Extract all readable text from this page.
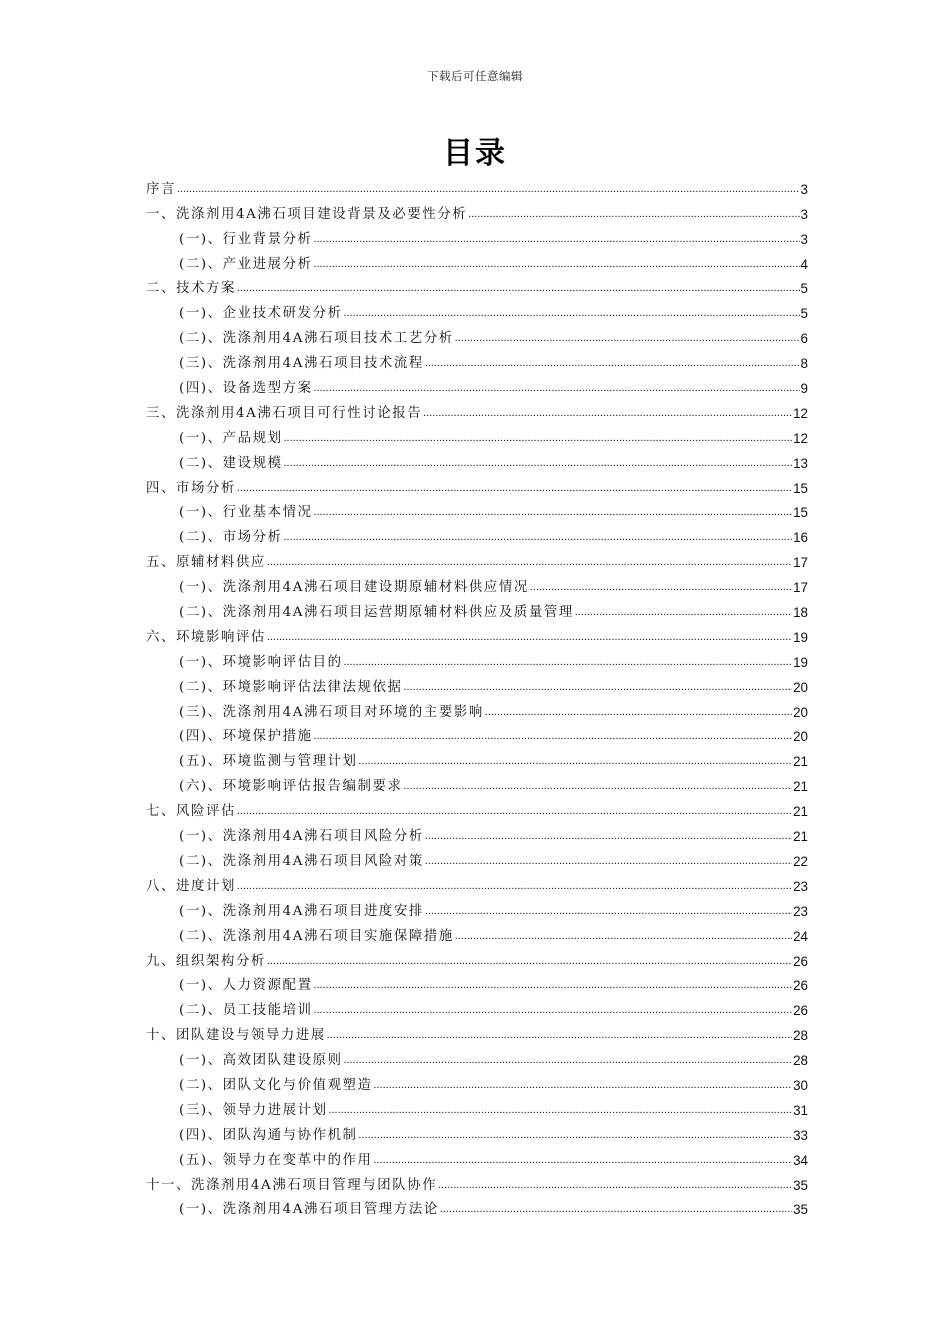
下载后可任意编辑
目录
序言 .....	3
一、洗涤剂用4A沸石项目建设背景及必要性分析 .....	3
(一)、行业背景分析 .....	3
(二)、产业进展分析 .....	4
二、技术方案 .....	5
(一)、企业技术研发分析 .....	5
(二)、洗涤剂用4A沸石项目技术工艺分析 .....	6
(三)、洗涤剂用4A沸石项目技术流程 .....	8
(四)、设备选型方案 .....	9
三、洗涤剂用4A沸石项目可行性讨论报告 .....	12
(一)、产品规划 .....	12
(二)、建设规模 .....	13
四、市场分析 .....	15
(一)、行业基本情况 .....	15
(二)、市场分析 .....	16
五、原辅材料供应 .....	17
(一)、洗涤剂用4A沸石项目建设期原辅材料供应情况 .....	17
(二)、洗涤剂用4A沸石项目运营期原辅材料供应及质量管理 .....	18
六、环境影响评估 .....	19
(一)、环境影响评估目的 .....	19
(二)、环境影响评估法律法规依据 .....	20
(三)、洗涤剂用4A沸石项目对环境的主要影响 .....	20
(四)、环境保护措施 .....	20
(五)、环境监测与管理计划 .....	21
(六)、环境影响评估报告编制要求 .....	21
七、风险评估 .....	21
(一)、洗涤剂用4A沸石项目风险分析 .....	21
(二)、洗涤剂用4A沸石项目风险对策 .....	22
八、进度计划 .....	23
(一)、洗涤剂用4A沸石项目进度安排 .....	23
(二)、洗涤剂用4A沸石项目实施保障措施 .....	24
九、组织架构分析 .....	26
(一)、人力资源配置 .....	26
(二)、员工技能培训 .....	26
十、团队建设与领导力进展 .....	28
(一)、高效团队建设原则 .....	28
(二)、团队文化与价值观塑造 .....	30
(三)、领导力进展计划 .....	31
(四)、团队沟通与协作机制 .....	33
(五)、领导力在变革中的作用 .....	34
十一、洗涤剂用4A沸石项目管理与团队协作 .....	35
(一)、洗涤剂用4A沸石项目管理方法论 .....	35
